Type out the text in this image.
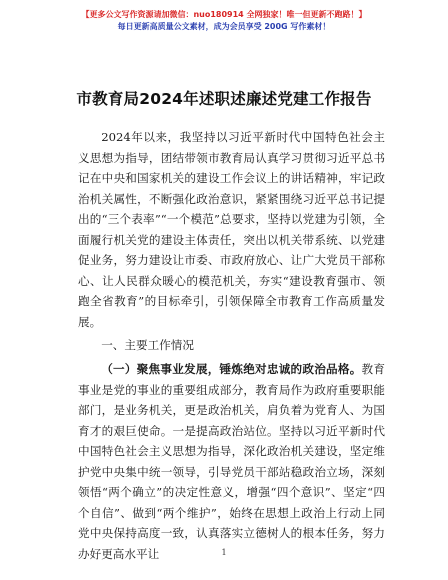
【更多公文写作资源请加微信：nuo180914 全网独家！唯一但更新不跑路！】
每日更新高质量公文素材，成为会员享受 200G 写作素材！
市教育局2024年述职述廉述党建工作报告

2024年以来，我坚持以习近平新时代中国特色社会主义思想为指导，团结带领市教育局认真学习贯彻习近平总书记在中央和国家机关的建设工作会议上的讲话精神，牢记政治机关属性，不断强化政治意识，紧紧围绕习近平总书记提出的“三个表率”“一个模范”总要求，坚持以党建为引领，全面履行机关党的建设主体责任，突出以机关带系统、以党建促业务，努力建设让市委、市政府放心、让广大党员干部称心、让人民群众暖心的模范机关，夯实“建设教育强市、领跑全省教育”的目标牵引，引领保障全市教育工作高质量发展。

一、主要工作情况

（一）聚焦事业发展，锤炼绝对忠诚的政治品格。教育事业是党的事业的重要组成部分，教育局作为政府重要职能部门，是业务机关，更是政治机关，肩负着为党育人、为国育才的艰巨使命。一是提高政治站位。坚持以习近平新时代中国特色社会主义思想为指导，深化政治机关建设，坚定维护党中央集中统一领导，引导党员干部站稳政治立场，深刻领悟“两个确立”的决定性意义，增强“四个意识”、坚定“四个自信”、做到“两个维护”，始终在思想上政治上行动上同党中央保持高度一致，认真落实立德树人的根本任务，努力办好更高水平让	1
